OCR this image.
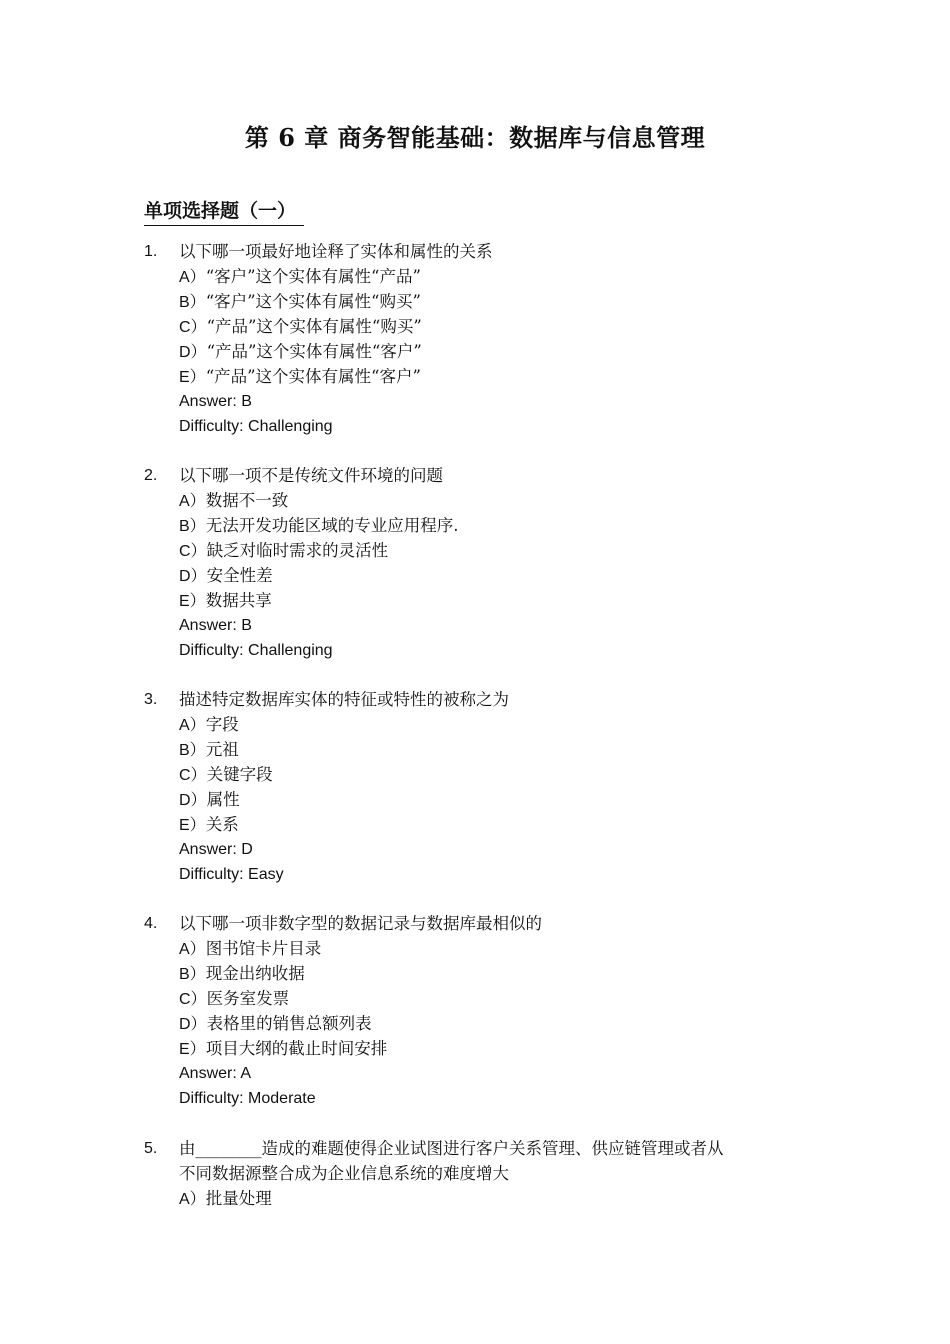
第 6 章 商务智能基础：数据库与信息管理
单项选择题（一）
1.	以下哪一项最好地诠释了实体和属性的关系
A）“客户”这个实体有属性“产品”
B）“客户”这个实体有属性“购买”
C）“产品”这个实体有属性“购买”
D）“产品”这个实体有属性“客户”
E）“产品”这个实体有属性“客户”
Answer: B
Difficulty: Challenging
2.	以下哪一项不是传统文件环境的问题
A）数据不一致
B）无法开发功能区域的专业应用程序.
C）缺乏对临时需求的灵活性
D）安全性差
E）数据共享
Answer: B
Difficulty: Challenging
3.	描述特定数据库实体的特征或特性的被称之为
A）字段
B）元祖
C）关键字段
D）属性
E）关系
Answer: D
Difficulty: Easy
4.	以下哪一项非数字型的数据记录与数据库最相似的
A）图书馆卡片目录
B）现金出纳收据
C）医务室发票
D）表格里的销售总额列表
E）项目大纲的截止时间安排
Answer: A
Difficulty: Moderate
5.	由________造成的难题使得企业试图进行客户关系管理、供应链管理或者从
不同数据源整合成为企业信息系统的难度增大
A）批量处理
